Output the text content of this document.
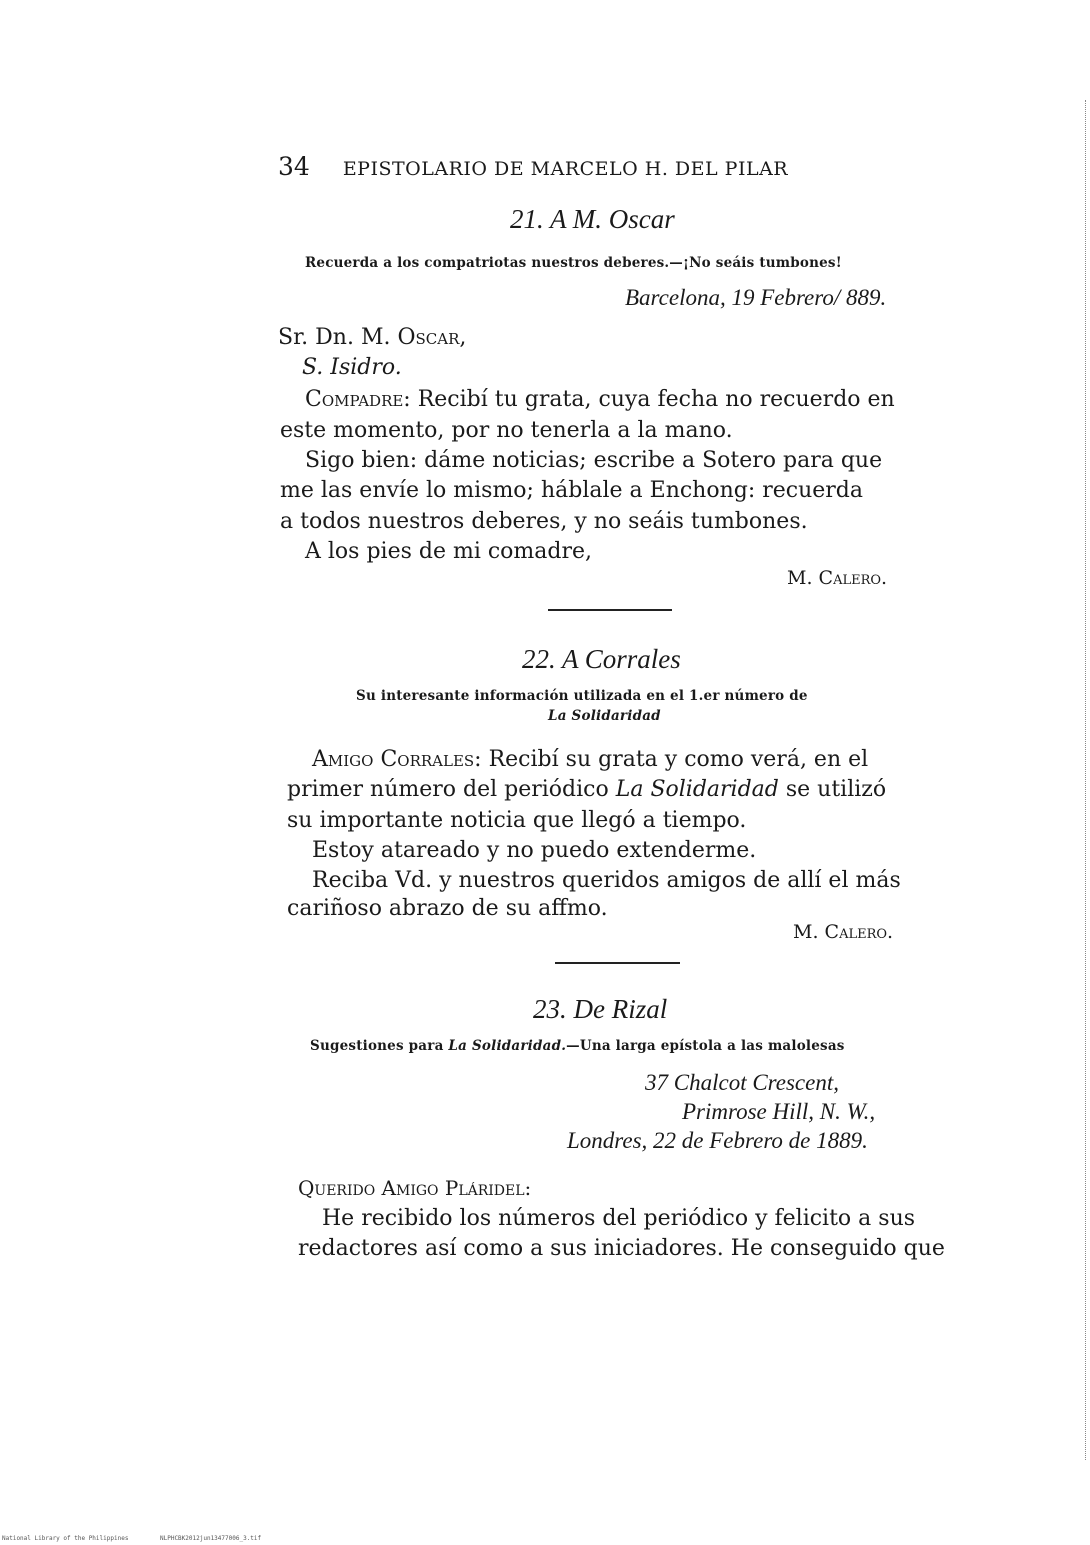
34 EPISTOLARIO DE MARCELO H. DEL PILAR
21. A M. Oscar
Recuerda a los compatriotas nuestros deberes.—¡No seáis tumbones!
Barcelona, 19 Febrero/ 889.
Sr. Dn. M. Oscar,
S. Isidro.
Compadre: Recibí tu grata, cuya fecha no recuerdo en
este momento, por no tenerla a la mano.
Sigo bien: dáme noticias; escribe a Sotero para que
me las envíe lo mismo; háblale a Enchong: recuerda
a todos nuestros deberes, y no seáis tumbones.
A los pies de mi comadre,
M. Calero.
22. A Corrales
Su interesante información utilizada en el 1.er número de
La Solidaridad
Amigo Corrales: Recibí su grata y como verá, en el
primer número del periódico La Solidaridad se utilizó
su importante noticia que llegó a tiempo.
Estoy atareado y no puedo extenderme.
Reciba Vd. y nuestros queridos amigos de allí el más
cariñoso abrazo de su affmo.
M. Calero.
23. De Rizal
Sugestiones para La Solidaridad.—Una larga epístola a las malolesas
37 Chalcot Crescent,
Primrose Hill, N. W.,
Londres, 22 de Febrero de 1889.
Querido Amigo Pláridel:
He recibido los números del periódico y felicito a sus
redactores así como a sus iniciadores. He conseguido que
National Library of the Philippines	NLPHCBK2012jun13477006_3.tif
